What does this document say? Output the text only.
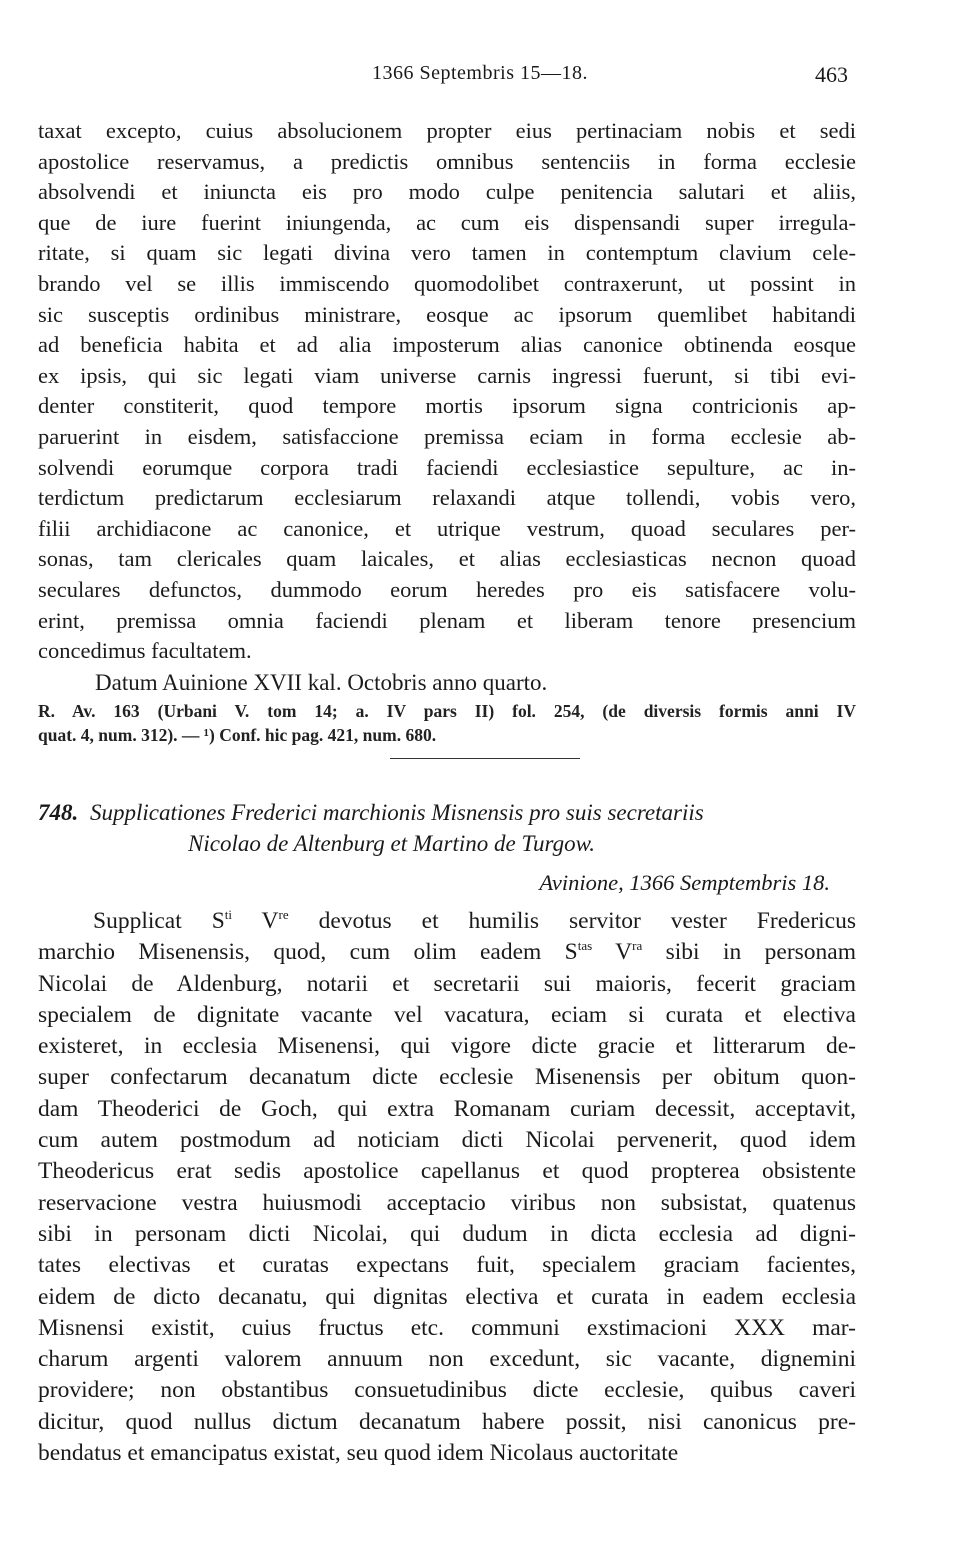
1366 Septembris 15—18.	463
taxat excepto, cuius absolucionem propter eius pertinaciam nobis et sedi
apostolice reservamus, a predictis omnibus sentenciis in forma ecclesie
absolvendi et iniuncta eis pro modo culpe penitencia salutari et aliis,
que de iure fuerint iniungenda, ac cum eis dispensandi super irregula-
ritate, si quam sic legati divina vero tamen in contemptum clavium cele-
brando vel se illis immiscendo quomodolibet contraxerunt, ut possint in
sic susceptis ordinibus ministrare, eosque ac ipsorum quemlibet habitandi
ad beneficia habita et ad alia imposterum alias canonice obtinenda eosque
ex ipsis, qui sic legati viam universe carnis ingressi fuerunt, si tibi evi-
denter constiterit, quod tempore mortis ipsorum signa contricionis ap-
paruerint in eisdem, satisfaccione premissa eciam in forma ecclesie ab-
solvendi eorumque corpora tradi faciendi ecclesiastice sepulture, ac in-
terdictum predictarum ecclesiarum relaxandi atque tollendi, vobis vero,
filii archidiacone ac canonice, et utrique vestrum, quoad seculares per-
sonas, tam clericales quam laicales, et alias ecclesiasticas necnon quoad
seculares defunctos, dummodo eorum heredes pro eis satisfacere volu-
erint, premissa omnia faciendi plenam et liberam tenore presencium
concedimus facultatem.
Datum Auinione XVII kal. Octobris anno quarto.
R. Av. 163 (Urbani V. tom 14; a. IV pars II) fol. 254, (de diversis formis anni IV
quat. 4, num. 312). — ¹) Conf. hic pag. 421, num. 680.
748. Supplicationes Frederici marchionis Misnensis pro suis secretariis
Nicolao de Altenburg et Martino de Turgow.
Avinione, 1366 Semptembris 18.
Supplicat $S^{ti}$ Vre devotus et humilis servitor vester Fredericus
marchio Misenensis, quod, cum olim eadem $S^{tas}$ $V^{ra}$ sibi in personam
Nicolai de Aldenburg, notarii et secretarii sui maioris, fecerit graciam
specialem de dignitate vacante vel vacatura, eciam si curata et electiva
existeret, in ecclesia Misenensi, qui vigore dicte gracie et litterarum de-
super confectarum decanatum dicte ecclesie Misenensis per obitum quon-
dam Theoderici de Goch, qui extra Romanam curiam decessit, acceptavit,
cum autem postmodum ad noticiam dicti Nicolai pervenerit, quod idem
Theodericus erat sedis apostolice capellanus et quod propterea obsistente
reservacione vestra huiusmodi acceptacio viribus non subsistat, quatenus
sibi in personam dicti Nicolai, qui dudum in dicta ecclesia ad digni-
tates electivas et curatas expectans fuit, specialem graciam facientes,
eidem de dicto decanatu, qui dignitas electiva et curata in eadem ecclesia
Misnensi existit, cuius fructus etc. communi exstimacioni XXX mar-
charum argenti valorem annuum non excedunt, sic vacante, dignemini
providere; non obstantibus consuetudinibus dicte ecclesie, quibus caveri
dicitur, quod nullus dictum decanatum habere possit, nisi canonicus pre-
bendatus et emancipatus existat, seu quod idem Nicolaus auctoritate
